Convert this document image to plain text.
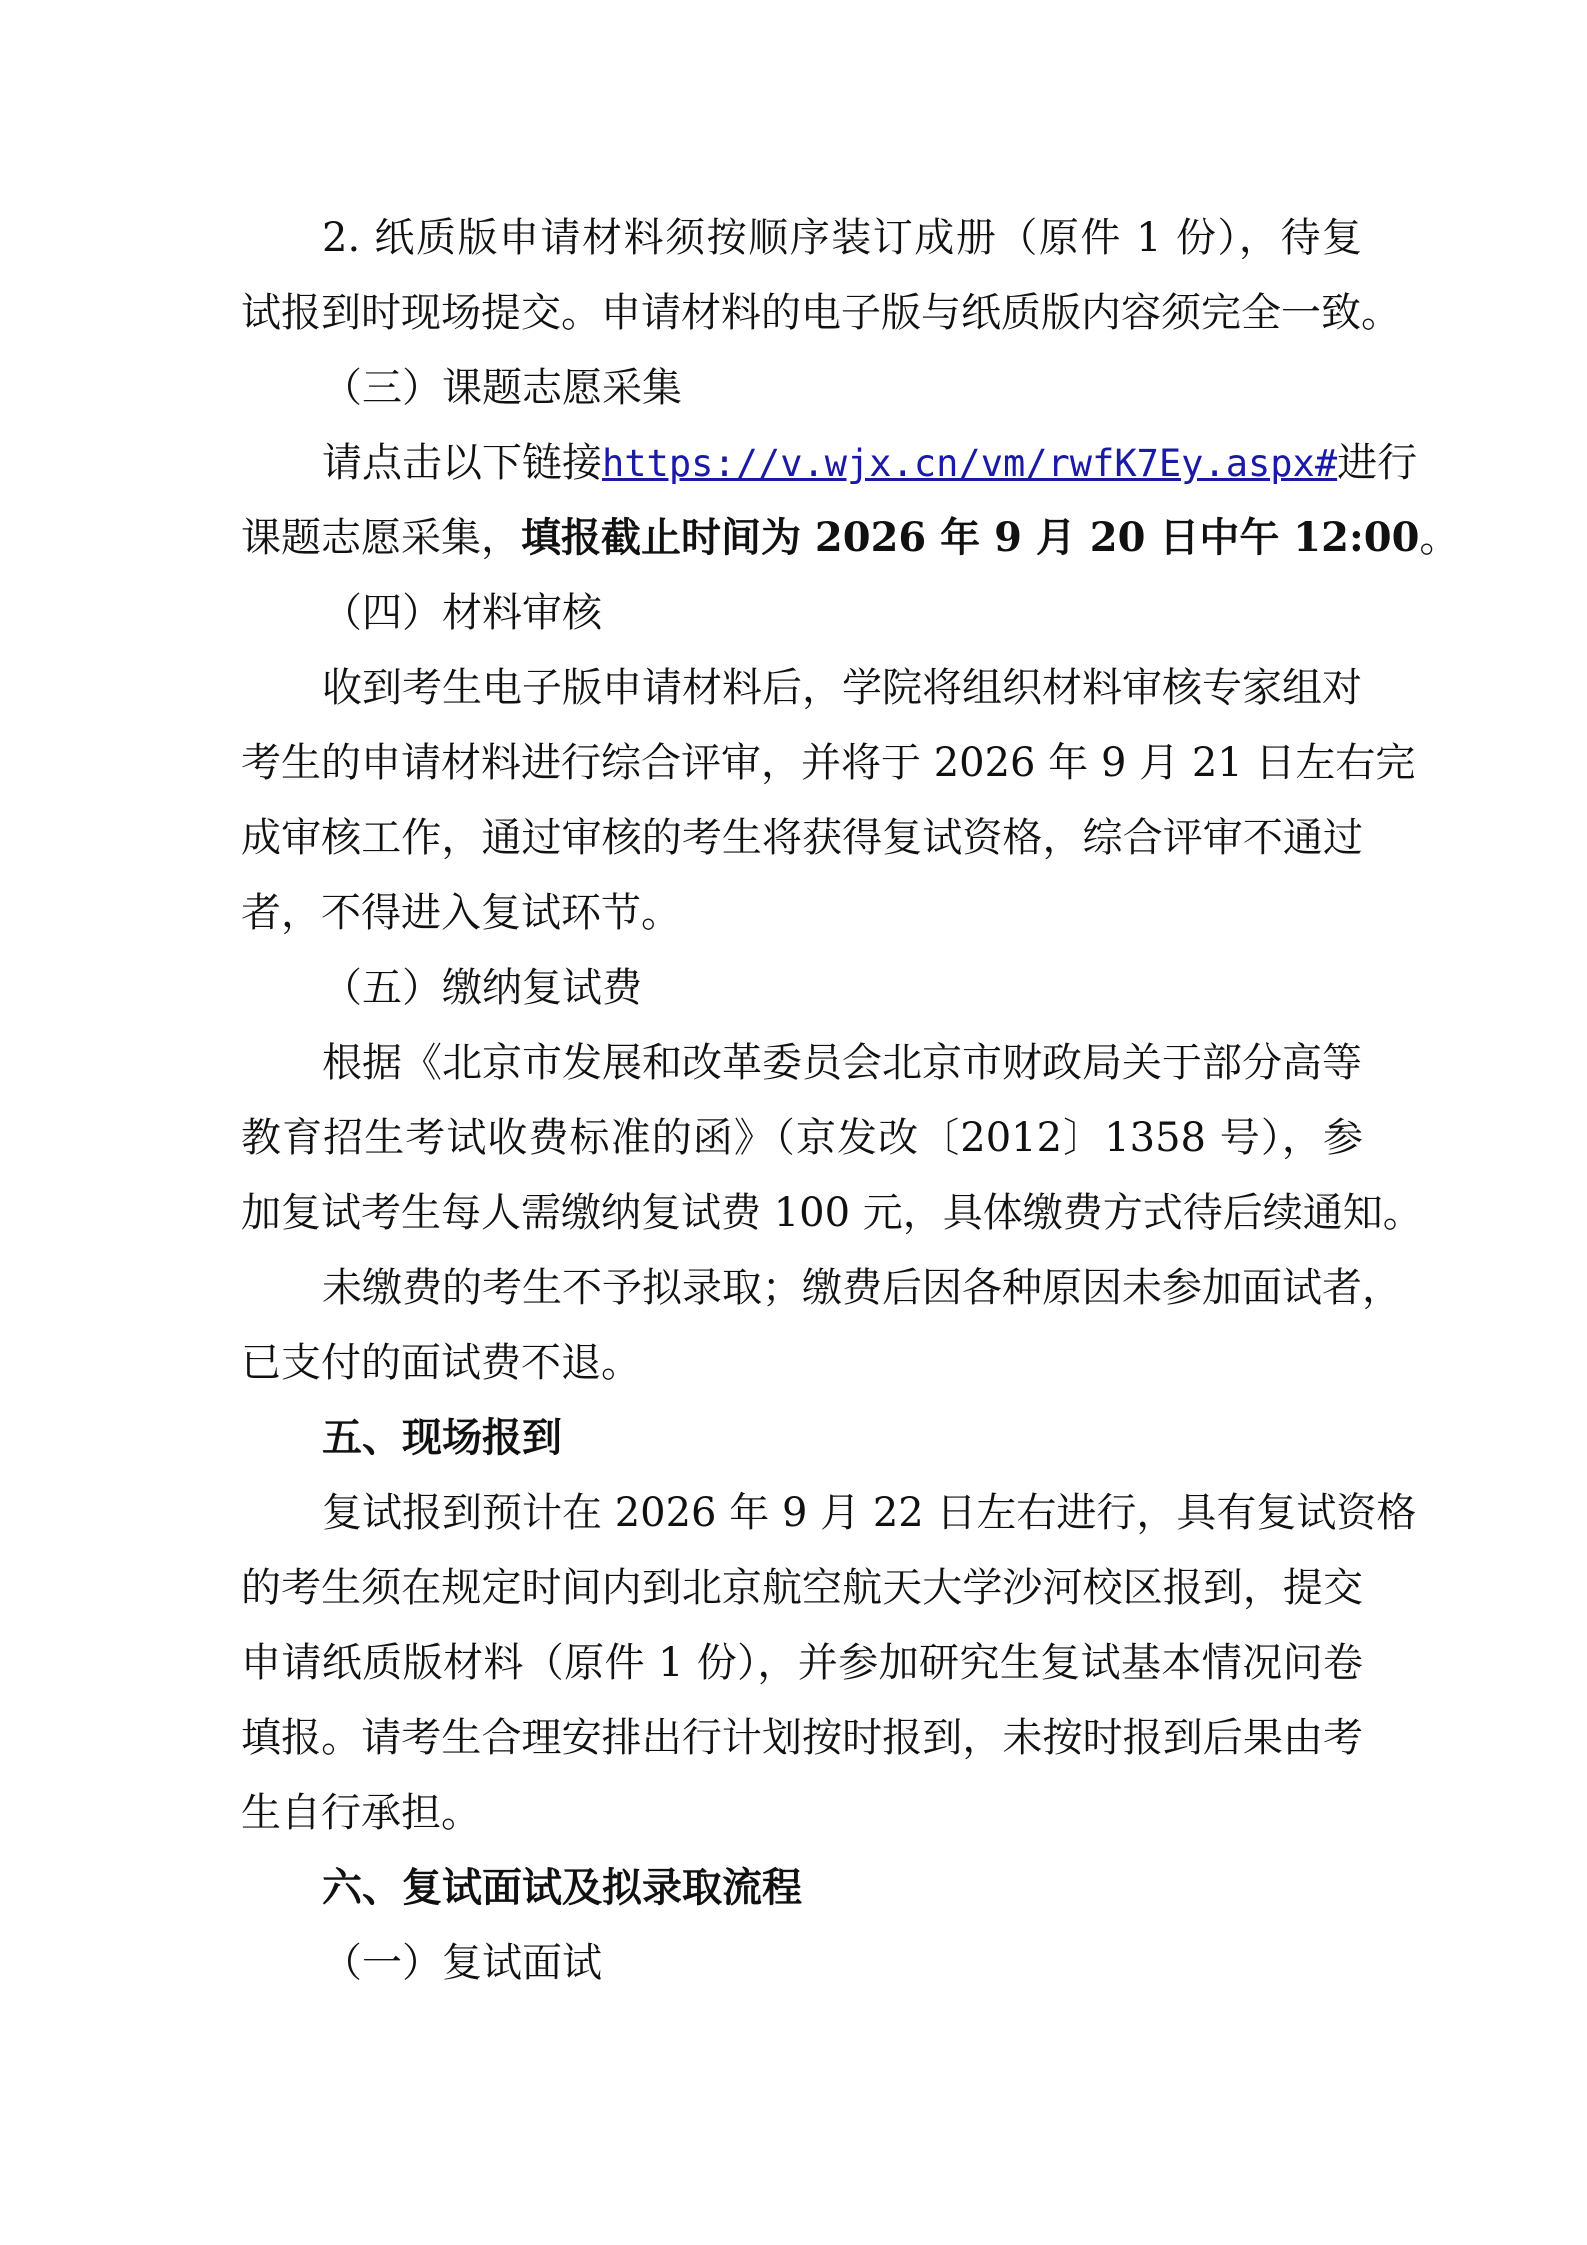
2. 纸质版申请材料须按顺序装订成册（原件 1 份），待复
试报到时现场提交。申请材料的电子版与纸质版内容须完全一致。
（三）课题志愿采集
请点击以下链接https://v.wjx.cn/vm/rwfK7Ey.aspx#进行
课题志愿采集，填报截止时间为 2026 年 9 月 20 日中午 12:00。
（四）材料审核
收到考生电子版申请材料后，学院将组织材料审核专家组对
考生的申请材料进行综合评审，并将于 2026 年 9 月 21 日左右完
成审核工作，通过审核的考生将获得复试资格，综合评审不通过
者，不得进入复试环节。
（五）缴纳复试费
根据《北京市发展和改革委员会北京市财政局关于部分高等
教育招生考试收费标准的函》（京发改〔2012〕1358 号），参
加复试考生每人需缴纳复试费 100 元，具体缴费方式待后续通知。
未缴费的考生不予拟录取；缴费后因各种原因未参加面试者，
已支付的面试费不退。
五、现场报到
复试报到预计在 2026 年 9 月 22 日左右进行，具有复试资格
的考生须在规定时间内到北京航空航天大学沙河校区报到，提交
申请纸质版材料（原件 1 份），并参加研究生复试基本情况问卷
填报。请考生合理安排出行计划按时报到，未按时报到后果由考
生自行承担。
六、复试面试及拟录取流程
（一）复试面试
